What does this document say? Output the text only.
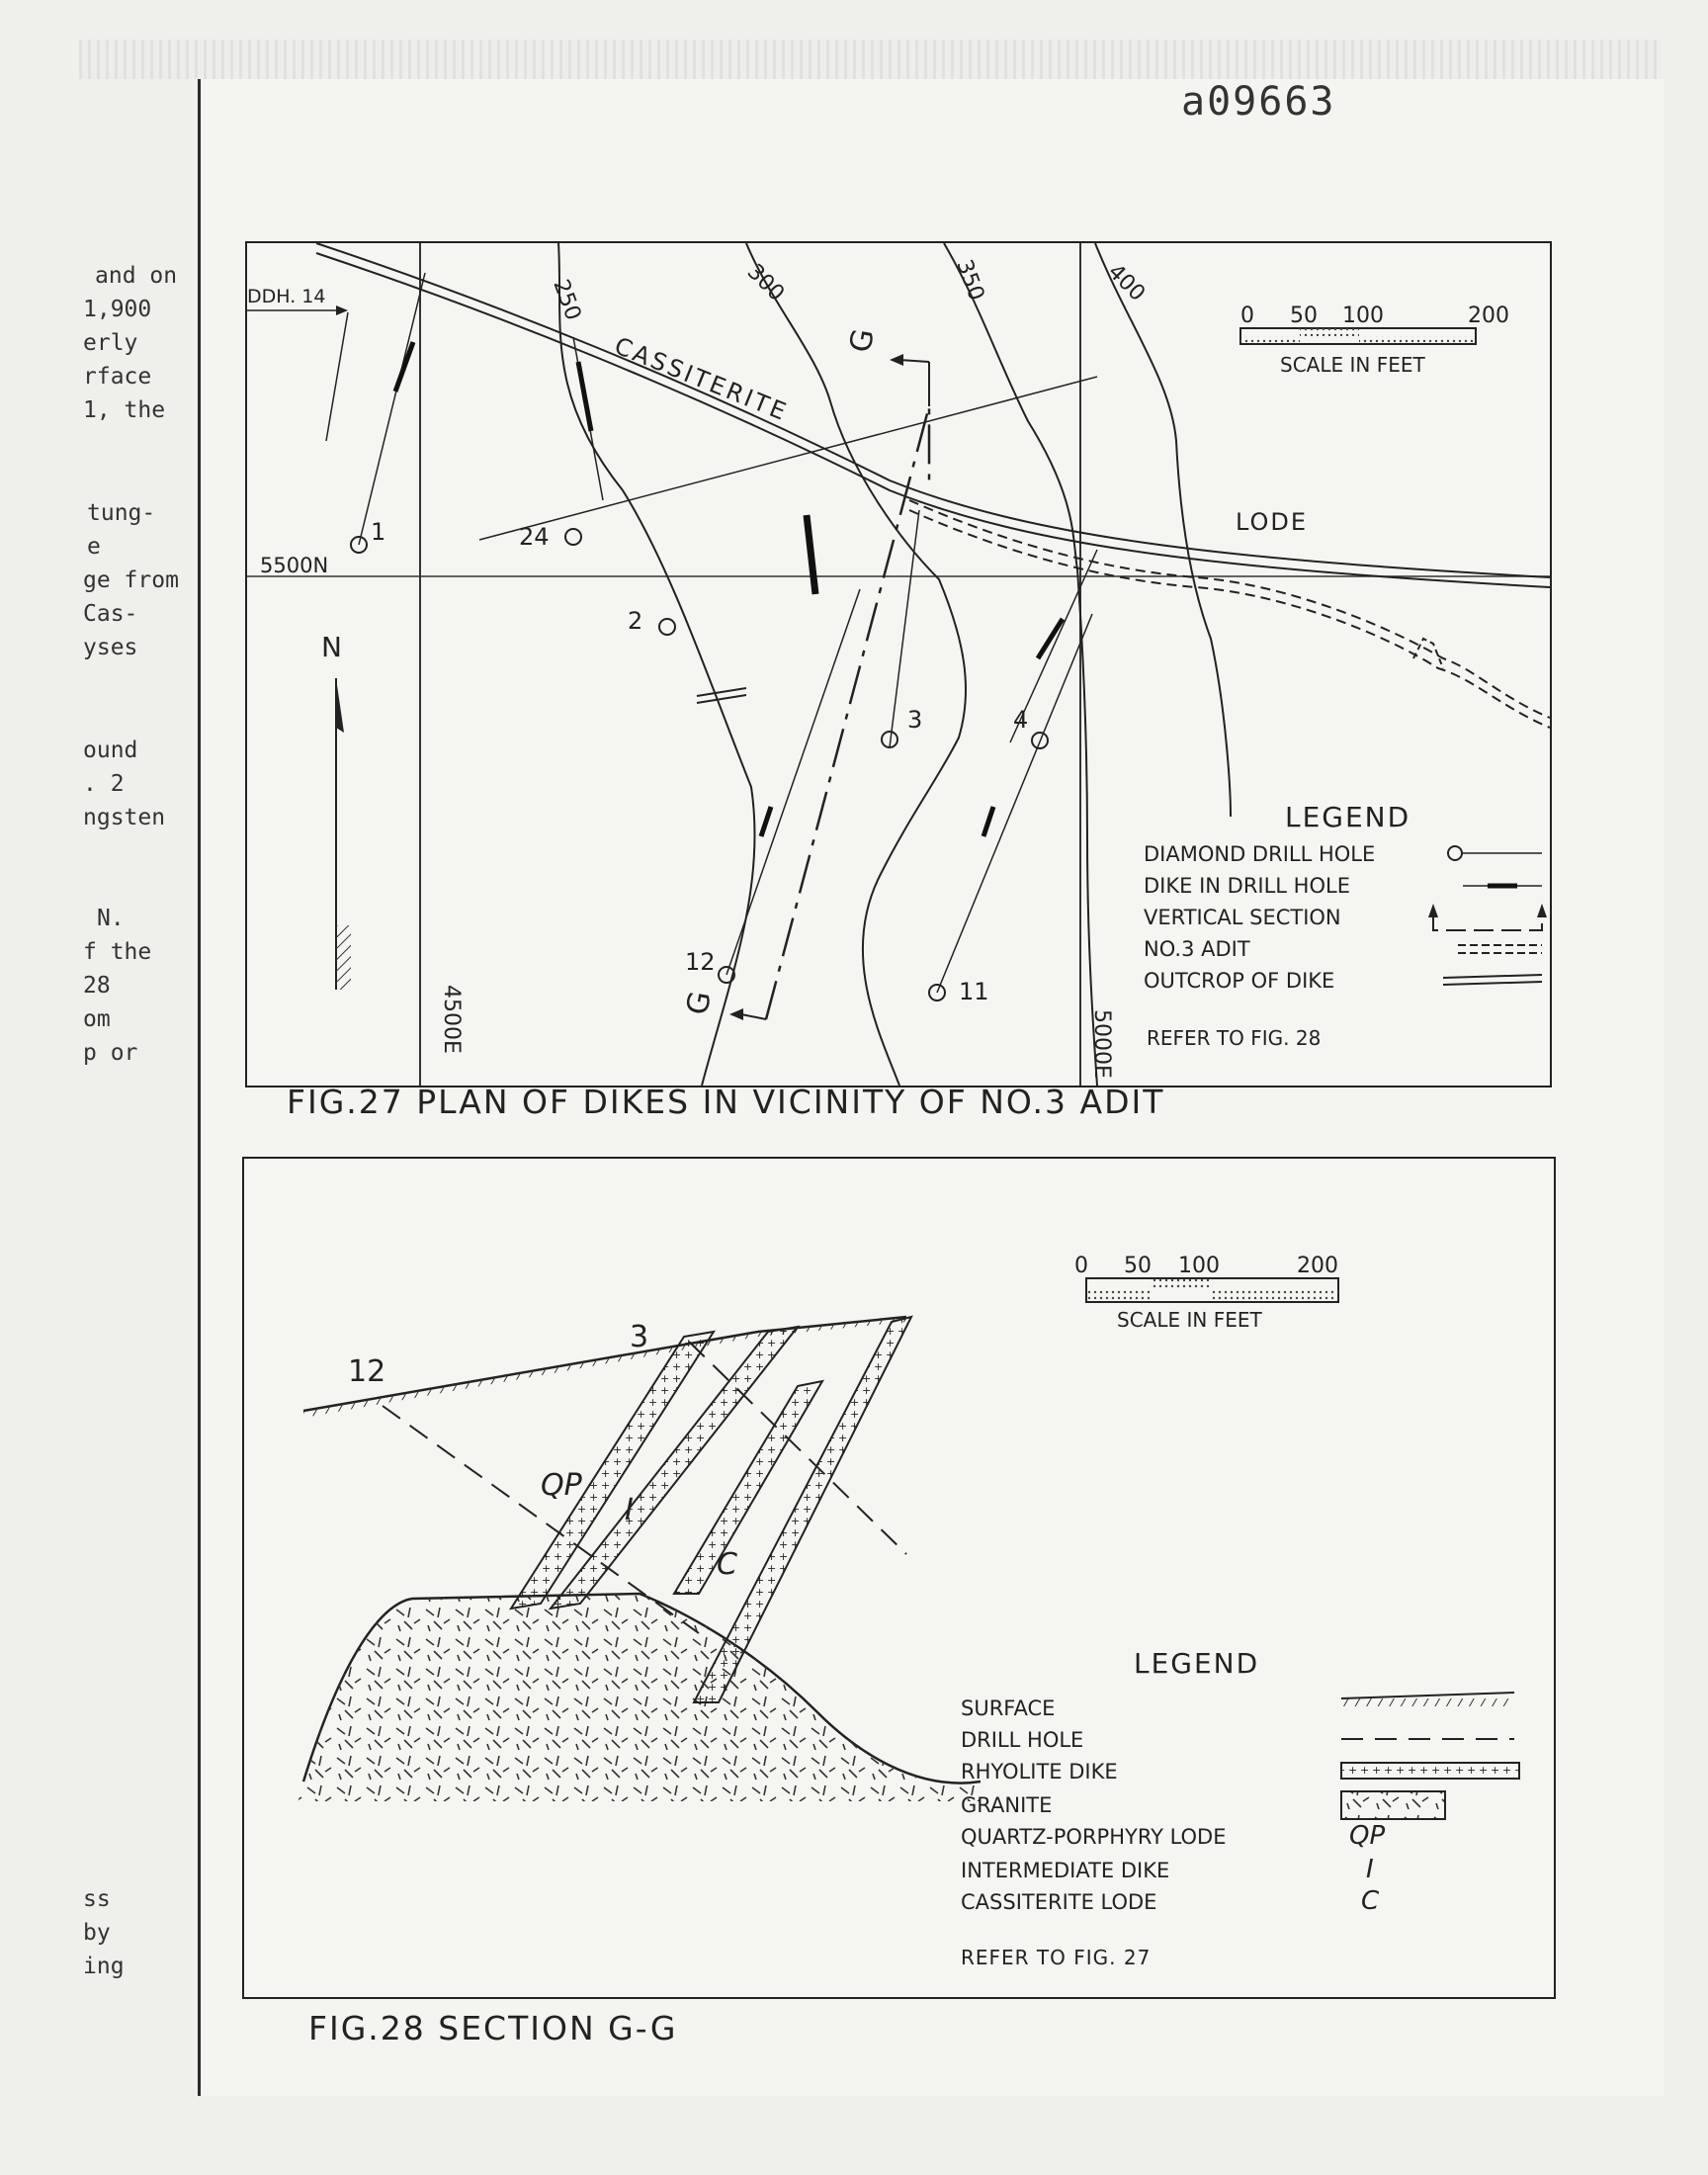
a09663
and on
1,900
erly
rface
1, the
tung-
e
ge from
Cas-
yses
ound
. 2
ngsten
N.
f the
28
om
p or
ss
by
ing
G
G
1	24
2
3	4
12
11
DDH. 14
5500N
4500E	5000E
250	300	350	400
CASSITERITE
LODE
N
0 50 100	200
SCALE IN FEET
LEGEND
DIAMOND DRILL HOLE
DIKE IN DRILL HOLE
VERTICAL SECTION
NO.3 ADIT
OUTCROP OF DIKE
REFER TO FIG. 28
FIG.27 PLAN OF DIKES IN VICINITY OF NO.3 ADIT
12
3
QP
I
C
0 50 100	200
SCALE IN FEET
LEGEND
SURFACE
DRILL HOLE
RHYOLITE DIKE
GRANITE
QUARTZ-PORPHYRY LODE	QP
INTERMEDIATE DIKE	I
CASSITERITE LODE	C
REFER TO FIG. 27
FIG.28 SECTION G-G
